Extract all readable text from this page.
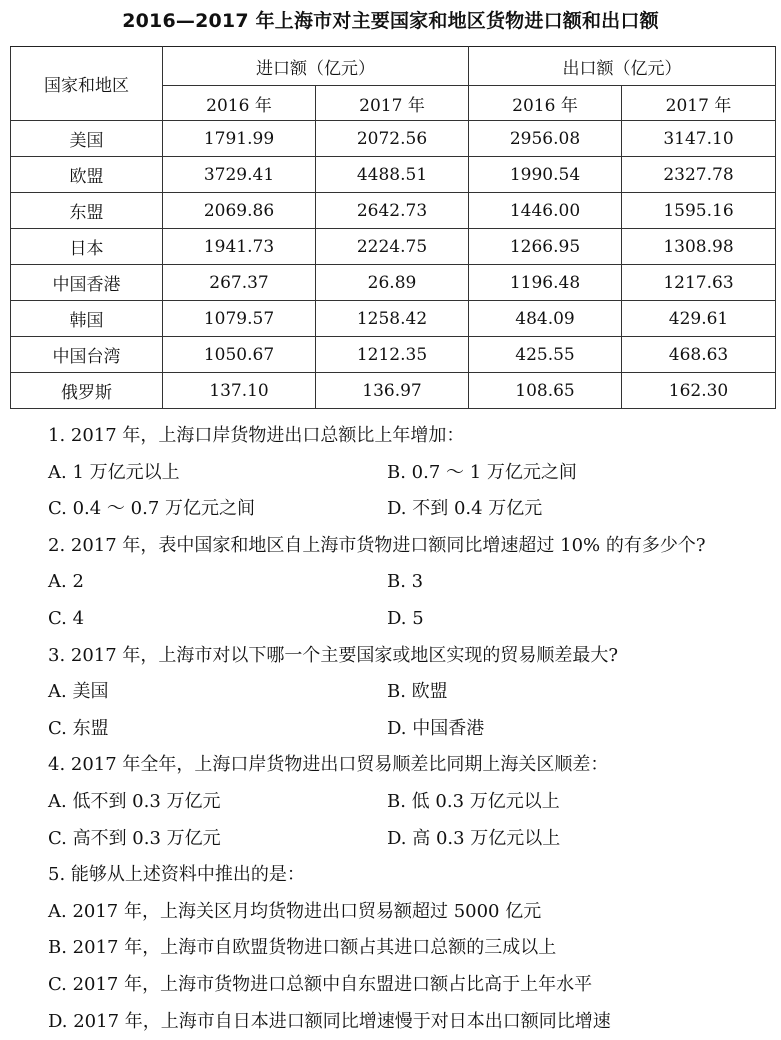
2016—2017 年上海市对主要国家和地区货物进口额和出口额
国家和地区	进口额（亿元）		出口额（亿元）	
	2016 年	2017 年	2016 年	2017 年
美国	1791.99	2072.56	2956.08	3147.10
欧盟	3729.41	4488.51	1990.54	2327.78
东盟	2069.86	2642.73	1446.00	1595.16
日本	1941.73	2224.75	1266.95	1308.98
中国香港	267.37	26.89	1196.48	1217.63
韩国	1079.57	1258.42	484.09	429.61
中国台湾	1050.67	1212.35	425.55	468.63
俄罗斯	137.10	136.97	108.65	162.30
1. 2017 年，上海口岸货物进出口总额比上年增加：
A. 1 万亿元以上	B. 0.7 ～ 1 万亿元之间
C. 0.4 ～ 0.7 万亿元之间	D. 不到 0.4 万亿元
2. 2017 年，表中国家和地区自上海市货物进口额同比增速超过 10% 的有多少个?
A. 2	B. 3
C. 4	D. 5
3. 2017 年，上海市对以下哪一个主要国家或地区实现的贸易顺差最大?
A. 美国	B. 欧盟
C. 东盟	D. 中国香港
4. 2017 年全年，上海口岸货物进出口贸易顺差比同期上海关区顺差：
A. 低不到 0.3 万亿元	B. 低 0.3 万亿元以上
C. 高不到 0.3 万亿元	D. 高 0.3 万亿元以上
5. 能够从上述资料中推出的是：
A. 2017 年，上海关区月均货物进出口贸易额超过 5000 亿元
B. 2017 年，上海市自欧盟货物进口额占其进口总额的三成以上
C. 2017 年，上海市货物进口总额中自东盟进口额占比高于上年水平
D. 2017 年，上海市自日本进口额同比增速慢于对日本出口额同比增速
